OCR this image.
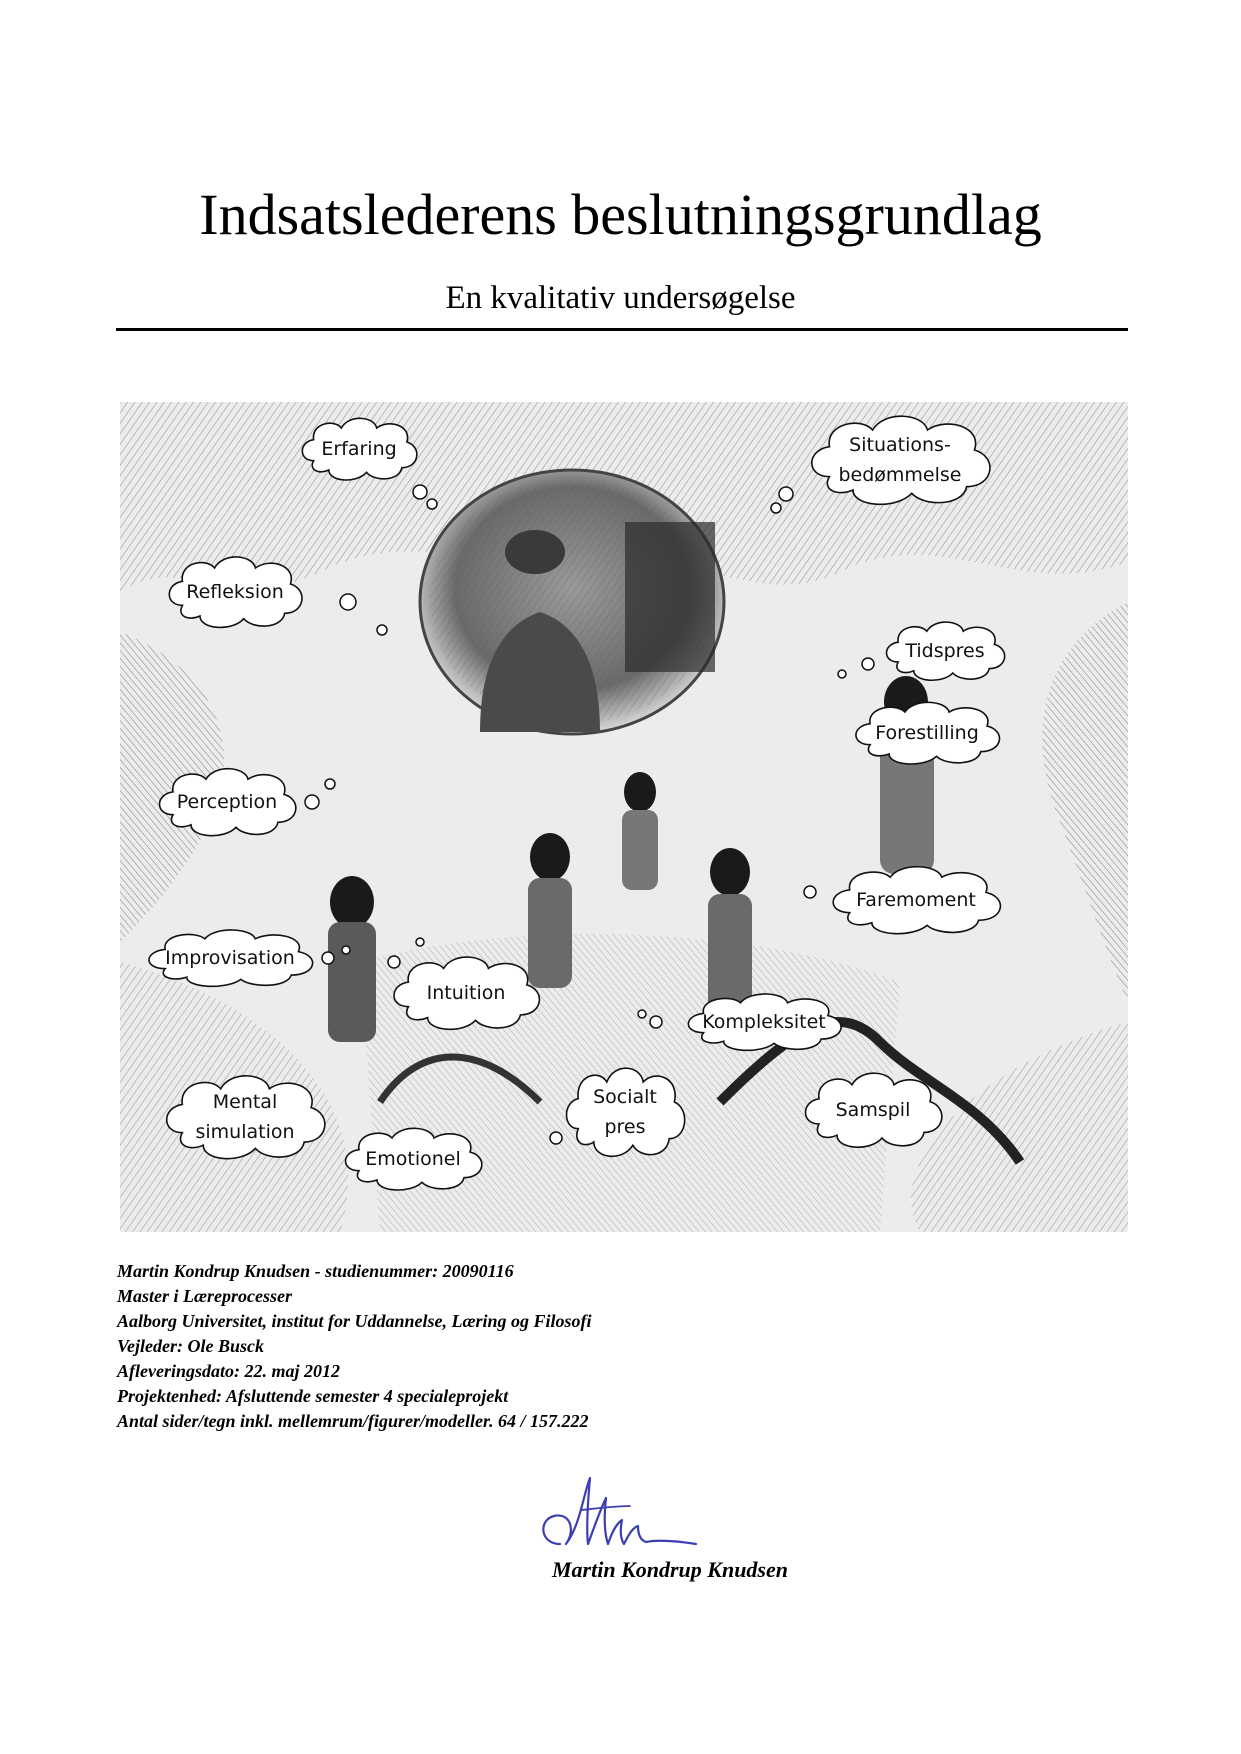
Indsatslederens beslutningsgrundlag
En kvalitativ undersøgelse
Erfaring	Situations-
bedømmelse
Refleksion
Tidspres
Forestilling
Perception
Faremoment
Improvisation
Intuition
Kompleksitet
Mental
simulation
Socialt
pres
Samspil
Emotionel
Martin Kondrup Knudsen - studienummer: 20090116
Master i Læreprocesser
Aalborg Universitet, institut for Uddannelse, Læring og Filosofi
Vejleder: Ole Busck
Afleveringsdato: 22. maj 2012
Projektenhed: Afsluttende semester 4 specialeprojekt
Antal sider/tegn inkl. mellemrum/figurer/modeller. 64 / 157.222
Martin Kondrup Knudsen
